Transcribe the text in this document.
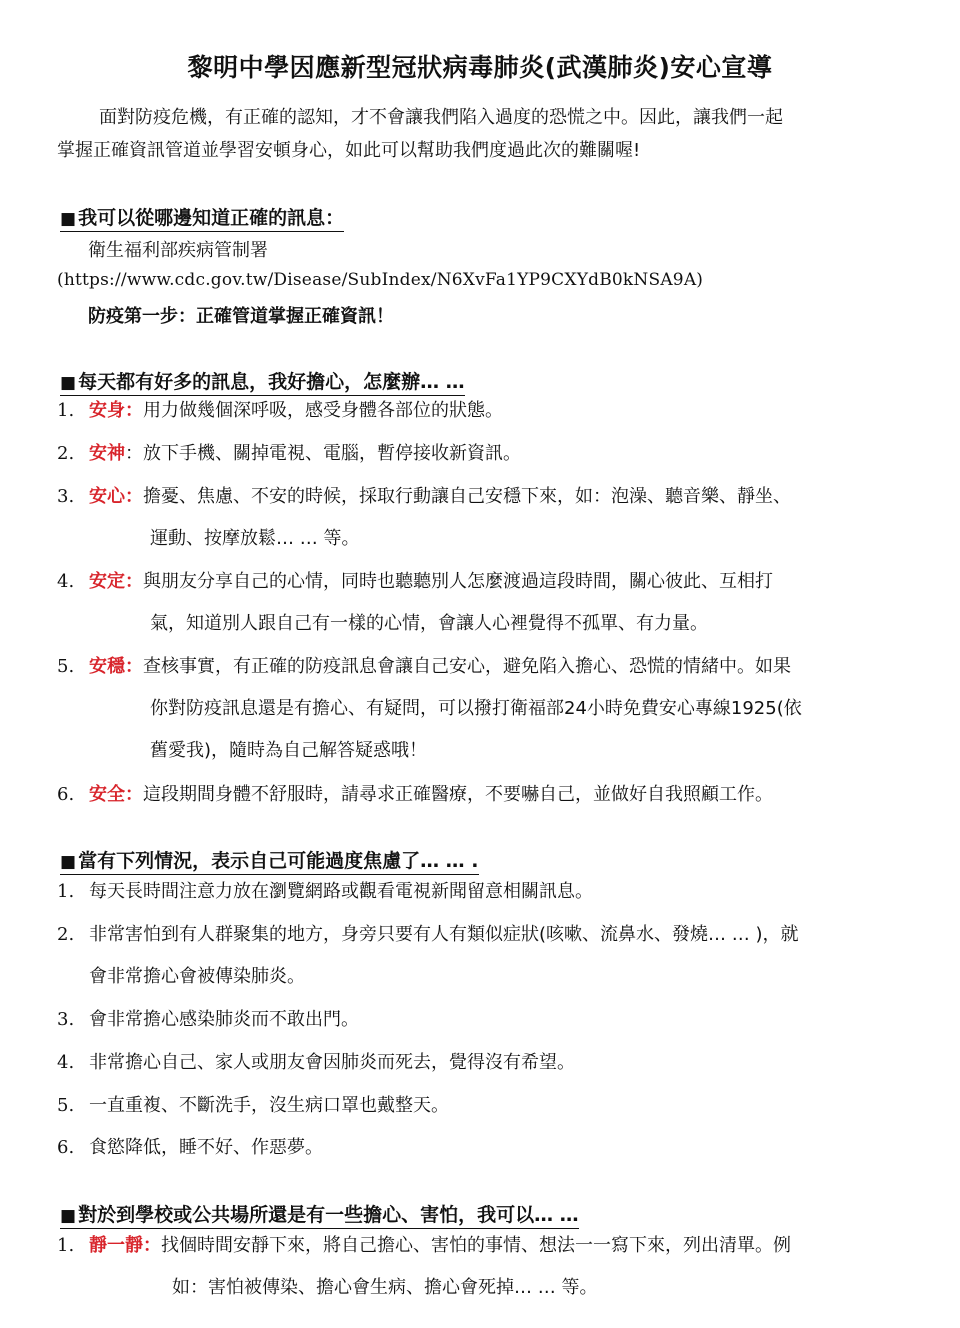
黎明中學因應新型冠狀病毒肺炎(武漢肺炎)安心宣導
面對防疫危機，有正確的認知，才不會讓我們陷入過度的恐慌之中。因此，讓我們一起
掌握正確資訊管道並學習安頓身心，如此可以幫助我們度過此次的難關喔!
■ 我可以從哪邊知道正確的訊息：
衛生福利部疾病管制署
(https://www.cdc.gov.tw/Disease/SubIndex/N6XvFa1YP9CXYdB0kNSA9A)
防疫第一步：正確管道掌握正確資訊！
■ 每天都有好多的訊息，我好擔心，怎麼辦… …
1. 安身：用力做幾個深呼吸，感受身體各部位的狀態。
2. 安神：放下手機、關掉電視、電腦，暫停接收新資訊。
3. 安心：擔憂、焦慮、不安的時候，採取行動讓自己安穩下來，如：泡澡、聽音樂、靜坐、
運動、按摩放鬆… … 等。
4. 安定：與朋友分享自己的心情，同時也聽聽別人怎麼渡過這段時間，關心彼此、互相打
氣，知道別人跟自己有一樣的心情，會讓人心裡覺得不孤單、有力量。
5. 安穩：查核事實，有正確的防疫訊息會讓自己安心，避免陷入擔心、恐慌的情緒中。如果
你對防疫訊息還是有擔心、有疑問，可以撥打衛福部24小時免費安心專線1925(依
舊愛我)，隨時為自己解答疑惑哦！
6. 安全：這段期間身體不舒服時，請尋求正確醫療，不要嚇自己，並做好自我照顧工作。
■ 當有下列情況，表示自己可能過度焦慮了… … .
1. 每天長時間注意力放在瀏覽網路或觀看電視新聞留意相關訊息。
2. 非常害怕到有人群聚集的地方，身旁只要有人有類似症狀(咳嗽、流鼻水、發燒… … )，就
會非常擔心會被傳染肺炎。
3. 會非常擔心感染肺炎而不敢出門。
4. 非常擔心自己、家人或朋友會因肺炎而死去，覺得沒有希望。
5. 一直重複、不斷洗手，沒生病口罩也戴整天。
6. 食慾降低，睡不好、作惡夢。
■ 對於到學校或公共場所還是有一些擔心、害怕，我可以… …
1. 靜一靜：找個時間安靜下來，將自己擔心、害怕的事情、想法一一寫下來，列出清單。例
如：害怕被傳染、擔心會生病、擔心會死掉… … 等。
